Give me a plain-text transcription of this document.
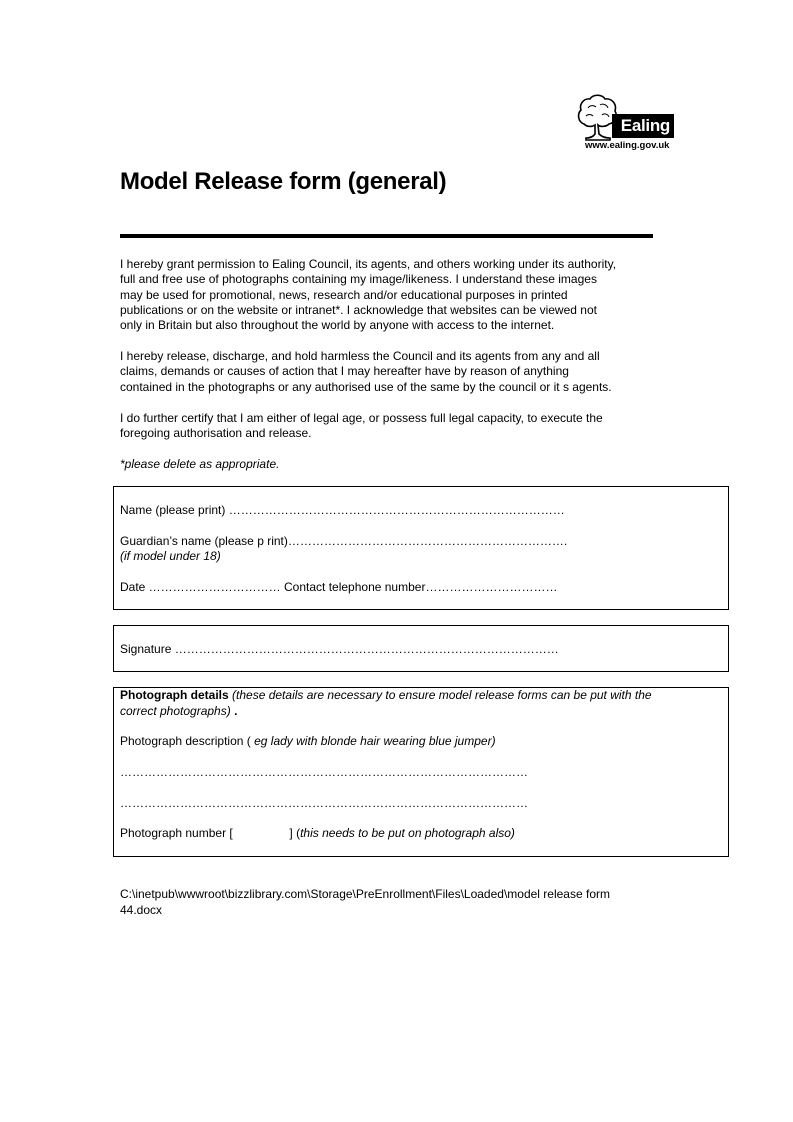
Ealing
www.ealing.gov.uk
Model Release form (general)
I hereby grant permission to Ealing Council, its agents, and others working under its authority,
full and free use of photographs containing my image/likeness. I understand these images
may be used for promotional, news, research and/or educational purposes in printed
publications or on the website or intranet*. I acknowledge that websites can be viewed not
only in Britain but also throughout the world by anyone with access to the internet.
I hereby release, discharge, and hold harmless the Council and its agents from any and all
claims, demands or causes of action that I may hereafter have by reason of anything
contained in the photographs or any authorised use of the same by the council or it s agents.
I do further certify that I am either of legal age, or possess full legal capacity, to execute the
foregoing authorisation and release.
*please delete as appropriate.
Name (please print) …………………………………………………………………………
Guardian’s name (please p rint)…………………………………………………………….
(if model under 18)
Date …………………………… Contact telephone number……………………………
Signature ……………………………………………………………………………………
Photograph details (these details are necessary to ensure model release forms can be put with the
correct photographs) .
Photograph description ( eg lady with blonde hair wearing blue jumper)
…………………………………………………………………………………………
…………………………………………………………………………………………
Photograph number [                 ] (this needs to be put on photograph also)
C:\inetpub\wwwroot\bizzlibrary.com\Storage\PreEnrollment\Files\Loaded\model release form
44.docx
